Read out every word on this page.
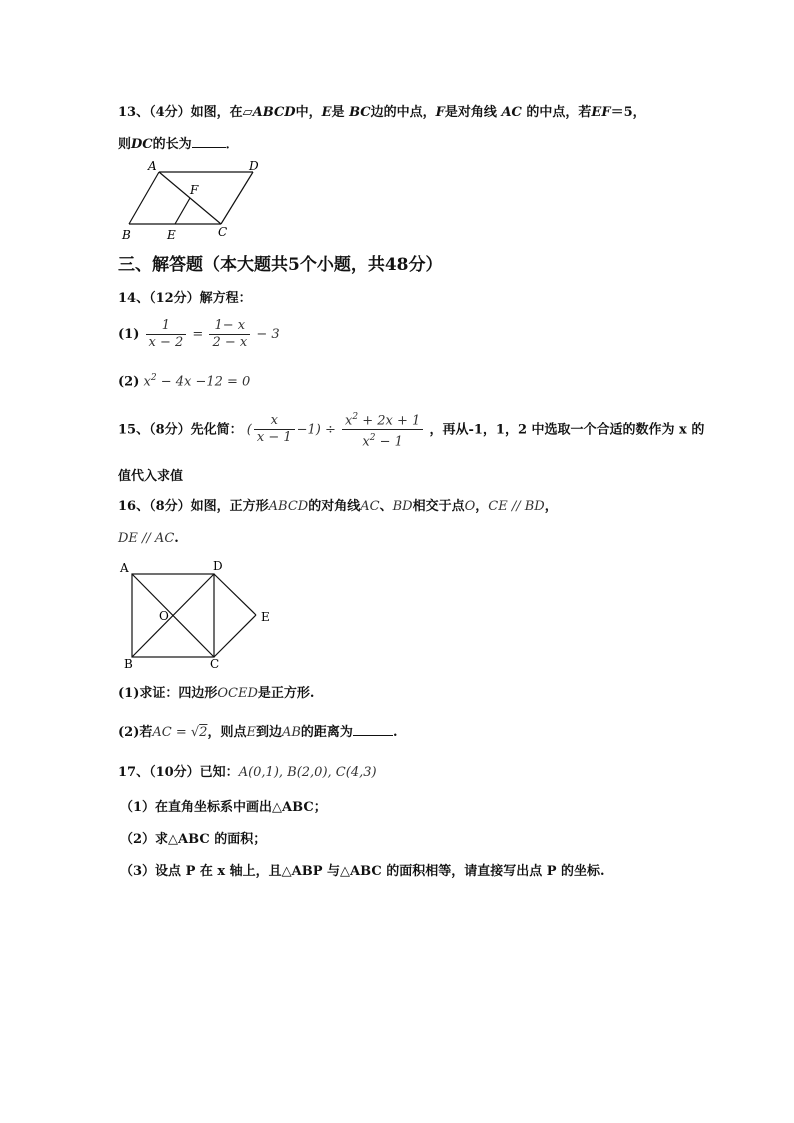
13、（4分）如图，在▱ABCD中，E是 BC边的中点，F是对角线 AC 的中点，若EF＝5，
则DC的长为	．
A	D
F
B	E	C
三、解答题（本大题共5个小题，共48分）
14、（12分）解方程：
$(1) \frac{1}{x - 2} = \frac{1- x}{2 - x} - 3$
(2) $x^2 - 4x -12 = 0$
15、（8分）先化简： ( $\frac{x}{x - 1} -1) \div \frac{x^2 + 2x + 1}{x^2 - 1}$ ，再从-1，1，2 中选取一个合适的数作为 x 的
值代入求值
16、（8分）如图，正方形ABCD的对角线AC、BD相交于点O，CE // BD，
DE // AC.
A	D
O	E
B	C
(1)求证：四边形OCED是正方形.
(2)若AC = √2，则点E到边AB的距离为	.
17、（10分）已知：A(0,1), B(2,0), C(4,3)
（1）在直角坐标系中画出△ABC；
（2）求△ABC 的面积；
（3）设点 P 在 x 轴上，且△ABP 与△ABC 的面积相等，请直接写出点 P 的坐标.
